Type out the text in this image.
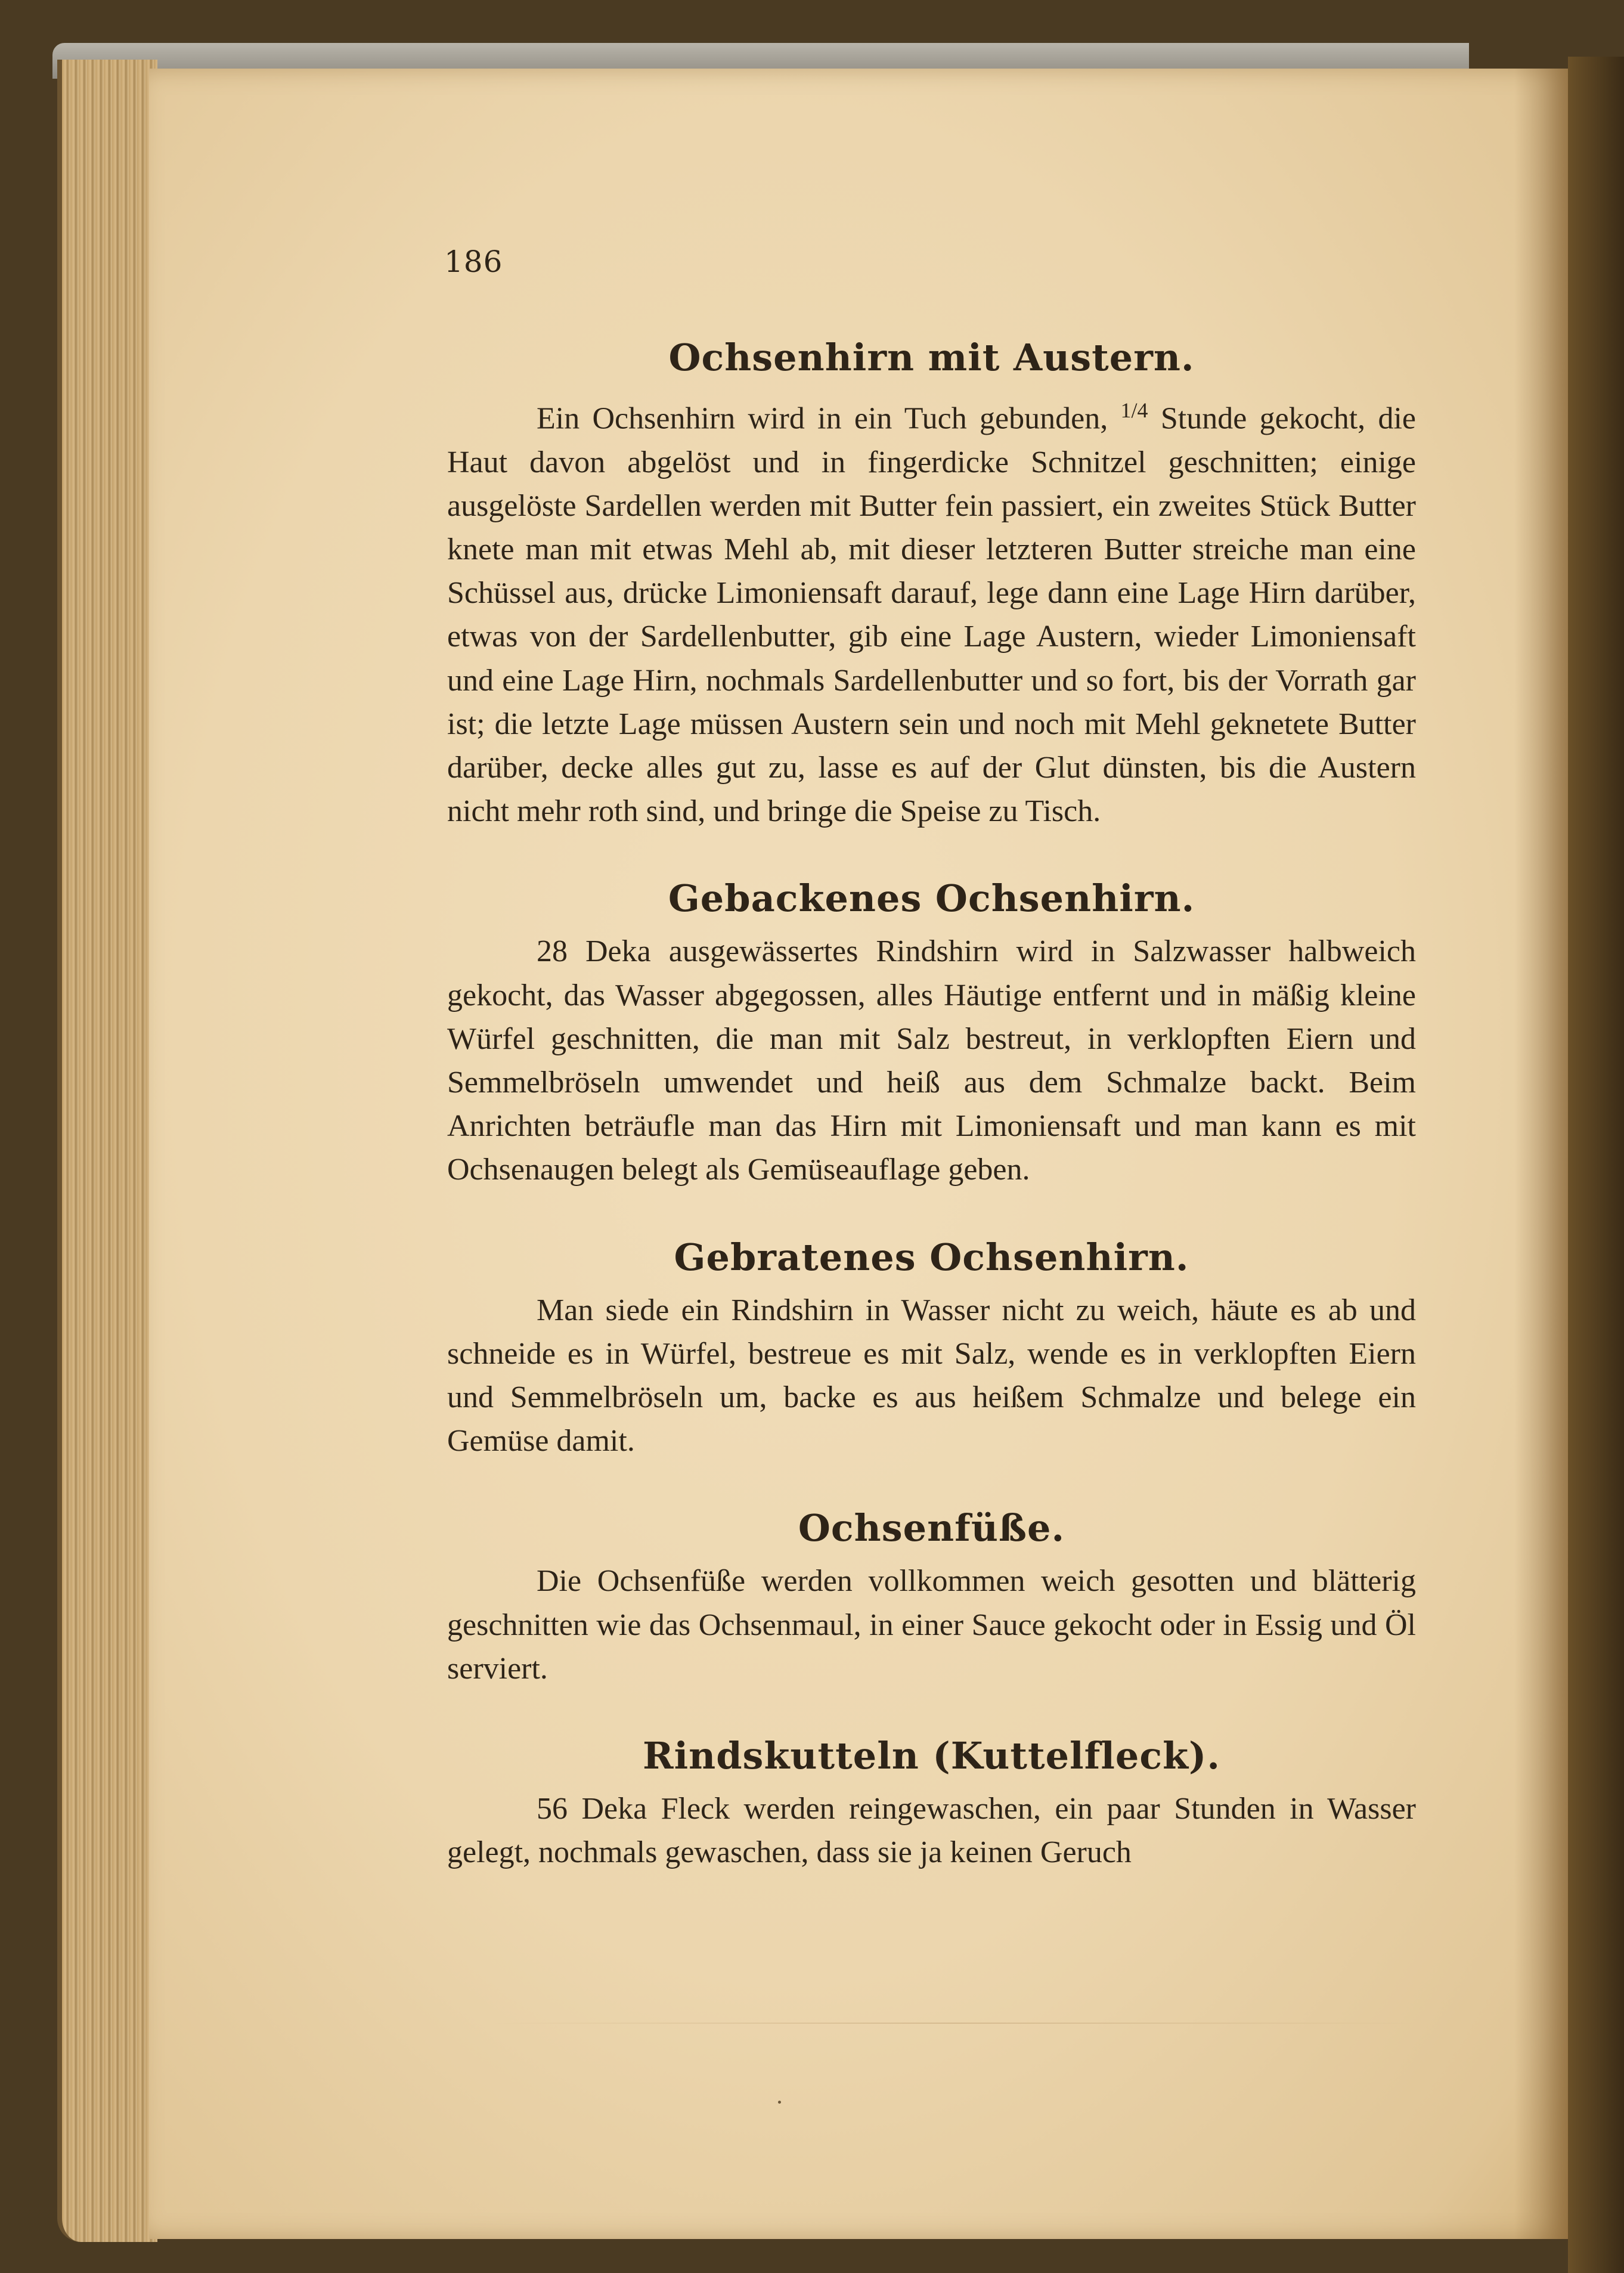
186
Ochsenhirn mit Austern.

Ein Ochsenhirn wird in ein Tuch gebunden, $^{1/4}$ Stunde gekocht, die Haut davon abgelöst und in fingerdicke Schnitzel geschnitten; einige ausgelöste Sardellen werden mit Butter fein passiert, ein zweites Stück Butter knete man mit etwas Mehl ab, mit dieser letzteren Butter streiche man eine Schüssel aus, drücke Limoniensaft darauf, lege dann eine Lage Hirn darüber, etwas von der Sardellenbutter, gib eine Lage Austern, wieder Limoniensaft und eine Lage Hirn, nochmals Sardellenbutter und so fort, bis der Vorrath gar ist; die letzte Lage müssen Austern sein und noch mit Mehl geknetete Butter darüber, decke alles gut zu, lasse es auf der Glut dünsten, bis die Austern nicht mehr roth sind, und bringe die Speise zu Tisch.

Gebackenes Ochsenhirn.

28 Deka ausgewässertes Rindshirn wird in Salzwasser halbweich gekocht, das Wasser abgegossen, alles Häutige entfernt und in mäßig kleine Würfel geschnitten, die man mit Salz bestreut, in verklopften Eiern und Semmelbröseln umwendet und heiß aus dem Schmalze backt. Beim Anrichten beträufle man das Hirn mit Limoniensaft und man kann es mit Ochsenaugen belegt als Gemüseauflage geben.

Gebratenes Ochsenhirn.

Man siede ein Rindshirn in Wasser nicht zu weich, häute es ab und schneide es in Würfel, bestreue es mit Salz, wende es in verklopften Eiern und Semmelbröseln um, backe es aus heißem Schmalze und belege ein Gemüse damit.

Ochsenfüße.

Die Ochsenfüße werden vollkommen weich gesotten und blätterig geschnitten wie das Ochsenmaul, in einer Sauce gekocht oder in Essig und Öl serviert.

Rindskutteln (Kuttelfleck).

56 Deka Fleck werden reingewaschen, ein paar Stunden in Wasser gelegt, nochmals gewaschen, dass sie ja keinen Geruch
